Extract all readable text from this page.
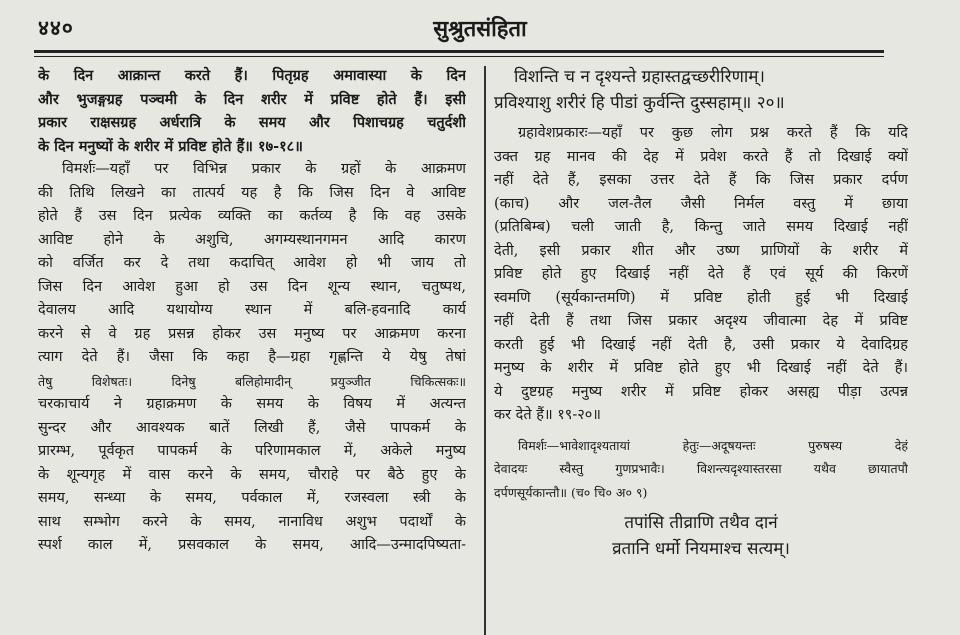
४४०	सुश्रुतसंहिता
के दिन आक्रान्त करते हैं। पितृग्रह अमावास्या के दिन
और भुजङ्गग्रह पञ्चमी के दिन शरीर में प्रविष्ट होते हैं। इसी
प्रकार राक्षसग्रह अर्धरात्रि के समय और पिशाचग्रह चतुर्दशी
के दिन मनुष्यों के शरीर में प्रविष्ट होते हैं॥ १७-१८॥
विमर्शः—यहाँ पर विभिन्न प्रकार के ग्रहों के आक्रमण
की तिथि लिखने का तात्पर्य यह है कि जिस दिन वे आविष्ट
होते हैं उस दिन प्रत्येक व्यक्ति का कर्तव्य है कि वह उसके
आविष्ट होने के अशुचि, अगम्यस्थानगमन आदि कारण
को वर्जित कर दे तथा कदाचित् आवेश हो भी जाय तो
जिस दिन आवेश हुआ हो उस दिन शून्य स्थान, चतुष्पथ,
देवालय आदि यथायोग्य स्थान में बलि-हवनादि कार्य
करने से वे ग्रह प्रसन्न होकर उस मनुष्य पर आक्रमण करना
त्याग देते हैं। जैसा कि कहा है—ग्रहा गृह्णन्ति ये येषु तेषां
तेषु विशेषतः। दिनेषु बलिहोमादीन् प्रयुञ्जीत चिकित्सकः॥
चरकाचार्य ने ग्रहाक्रमण के समय के विषय में अत्यन्त
सुन्दर और आवश्यक बातें लिखी हैं, जैसे पापकर्म के
प्रारम्भ, पूर्वकृत पापकर्म के परिणामकाल में, अकेले मनुष्य
के शून्यगृह में वास करने के समय, चौराहे पर बैठे हुए के
समय, सन्ध्या के समय, पर्वकाल में, रजस्वला स्त्री के
साथ सम्भोग करने के समय, नानाविध अशुभ पदार्थों के
स्पर्श काल में, प्रसवकाल के समय, आदि—उन्मादपिष्यता-
विशन्ति च न दृश्यन्ते ग्रहास्तद्वच्छरीरिणाम्।
प्रविश्याशु शरीरं हि पीडां कुर्वन्ति दुस्सहाम्॥ २०॥
ग्रहावेशप्रकारः—यहाँ पर कुछ लोग प्रश्न करते हैं कि यदि
उक्त ग्रह मानव की देह में प्रवेश करते हैं तो दिखाई क्यों
नहीं देते हैं, इसका उत्तर देते हैं कि जिस प्रकार दर्पण
(काच) और जल-तैल जैसी निर्मल वस्तु में छाया
(प्रतिबिम्ब) चली जाती है, किन्तु जाते समय दिखाई नहीं
देती, इसी प्रकार शीत और उष्ण प्राणियों के शरीर में
प्रविष्ट होते हुए दिखाई नहीं देते हैं एवं सूर्य की किरणें
स्वमणि (सूर्यकान्तमणि) में प्रविष्ट होती हुई भी दिखाई
नहीं देती हैं तथा जिस प्रकार अदृश्य जीवात्मा देह में प्रविष्ट
करती हुई भी दिखाई नहीं देती है, उसी प्रकार ये देवादिग्रह
मनुष्य के शरीर में प्रविष्ट होते हुए भी दिखाई नहीं देते हैं।
ये दुष्टग्रह मनुष्य शरीर में प्रविष्ट होकर असह्य पीड़ा उत्पन्न
कर देते हैं॥ १९-२०॥
विमर्शः—भावेशादृश्यतायां हेतुः—अदूषयन्तः पुरुषस्य देहं
देवादयः स्वैस्तु गुणप्रभावैः। विशन्त्यदृश्यास्तरसा यथैव छायातपौ
दर्पणसूर्यकान्तौ॥ (च० चि० अ० ९)
तपांसि तीव्राणि तथैव दानं
व्रतानि धर्मो नियमाश्च सत्यम्।
